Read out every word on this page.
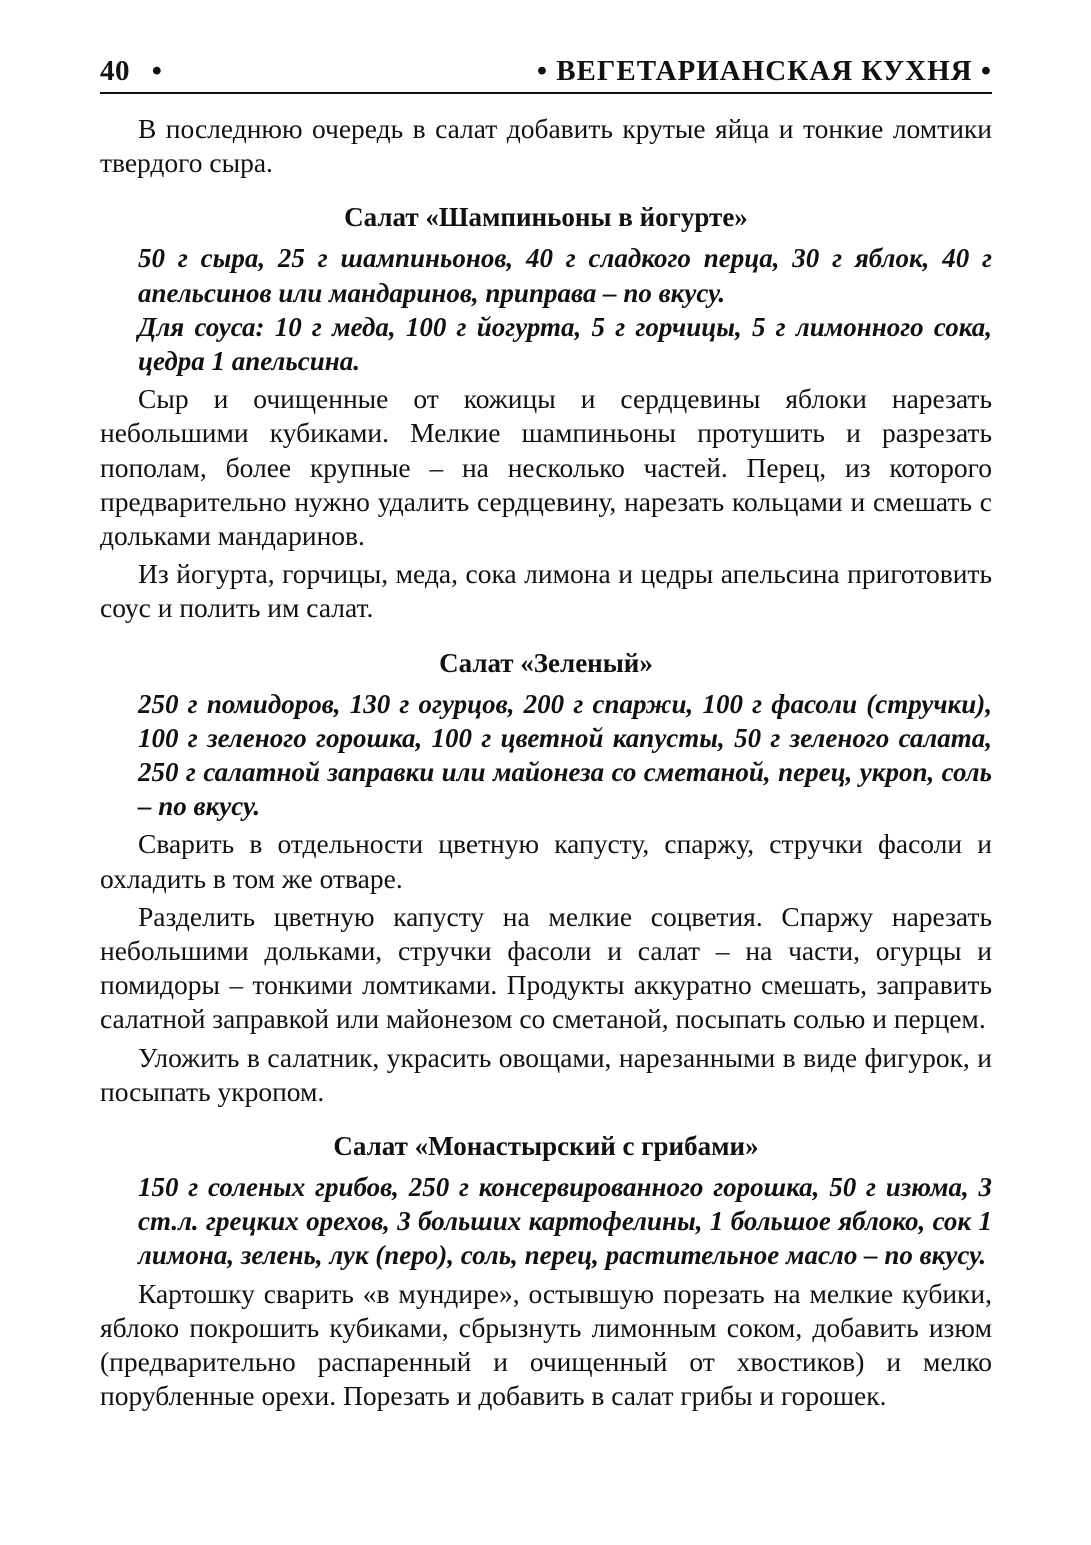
40 •	• ВЕГЕТАРИАНСКАЯ КУХНЯ •

В последнюю очередь в салат добавить крутые яйца и тонкие ломтики твердого сыра.

Салат «Шампиньоны в йогурте»
50 г сыра, 25 г шампиньонов, 40 г сладкого перца, 30 г яблок, 40 г апельсинов или мандаринов, приправа – по вкусу.
Для соуса: 10 г меда, 100 г йогурта, 5 г горчицы, 5 г лимонного сока, цедра 1 апельсина.

Сыр и очищенные от кожицы и сердцевины яблоки нарезать небольшими кубиками. Мелкие шампиньоны протушить и разрезать пополам, более крупные – на несколько частей. Перец, из которого предварительно нужно удалить сердцевину, нарезать кольцами и смешать с дольками мандаринов.

Из йогурта, горчицы, меда, сока лимона и цедры апельсина приготовить соус и полить им салат.

Салат «Зеленый»
250 г помидоров, 130 г огурцов, 200 г спаржи, 100 г фасоли (стручки), 100 г зеленого горошка, 100 г цветной капусты, 50 г зеленого салата, 250 г салатной заправки или майонеза со сметаной, перец, укроп, соль – по вкусу.

Сварить в отдельности цветную капусту, спаржу, стручки фасоли и охладить в том же отваре.

Разделить цветную капусту на мелкие соцветия. Спаржу нарезать небольшими дольками, стручки фасоли и салат – на части, огурцы и помидоры – тонкими ломтиками. Продукты аккуратно смешать, заправить салатной заправкой или майонезом со сметаной, посыпать солью и перцем.

Уложить в салатник, украсить овощами, нарезанными в виде фигурок, и посыпать укропом.

Салат «Монастырский с грибами»
150 г соленых грибов, 250 г консервированного горошка, 50 г изюма, 3 ст.л. грецких орехов, 3 больших картофелины, 1 большое яблоко, сок 1 лимона, зелень, лук (перо), соль, перец, растительное масло – по вкусу.

Картошку сварить «в мундире», остывшую порезать на мелкие кубики, яблоко покрошить кубиками, сбрызнуть лимонным соком, добавить изюм (предварительно распаренный и очищенный от хвостиков) и мелко порубленные орехи. Порезать и добавить в салат грибы и горошек.
